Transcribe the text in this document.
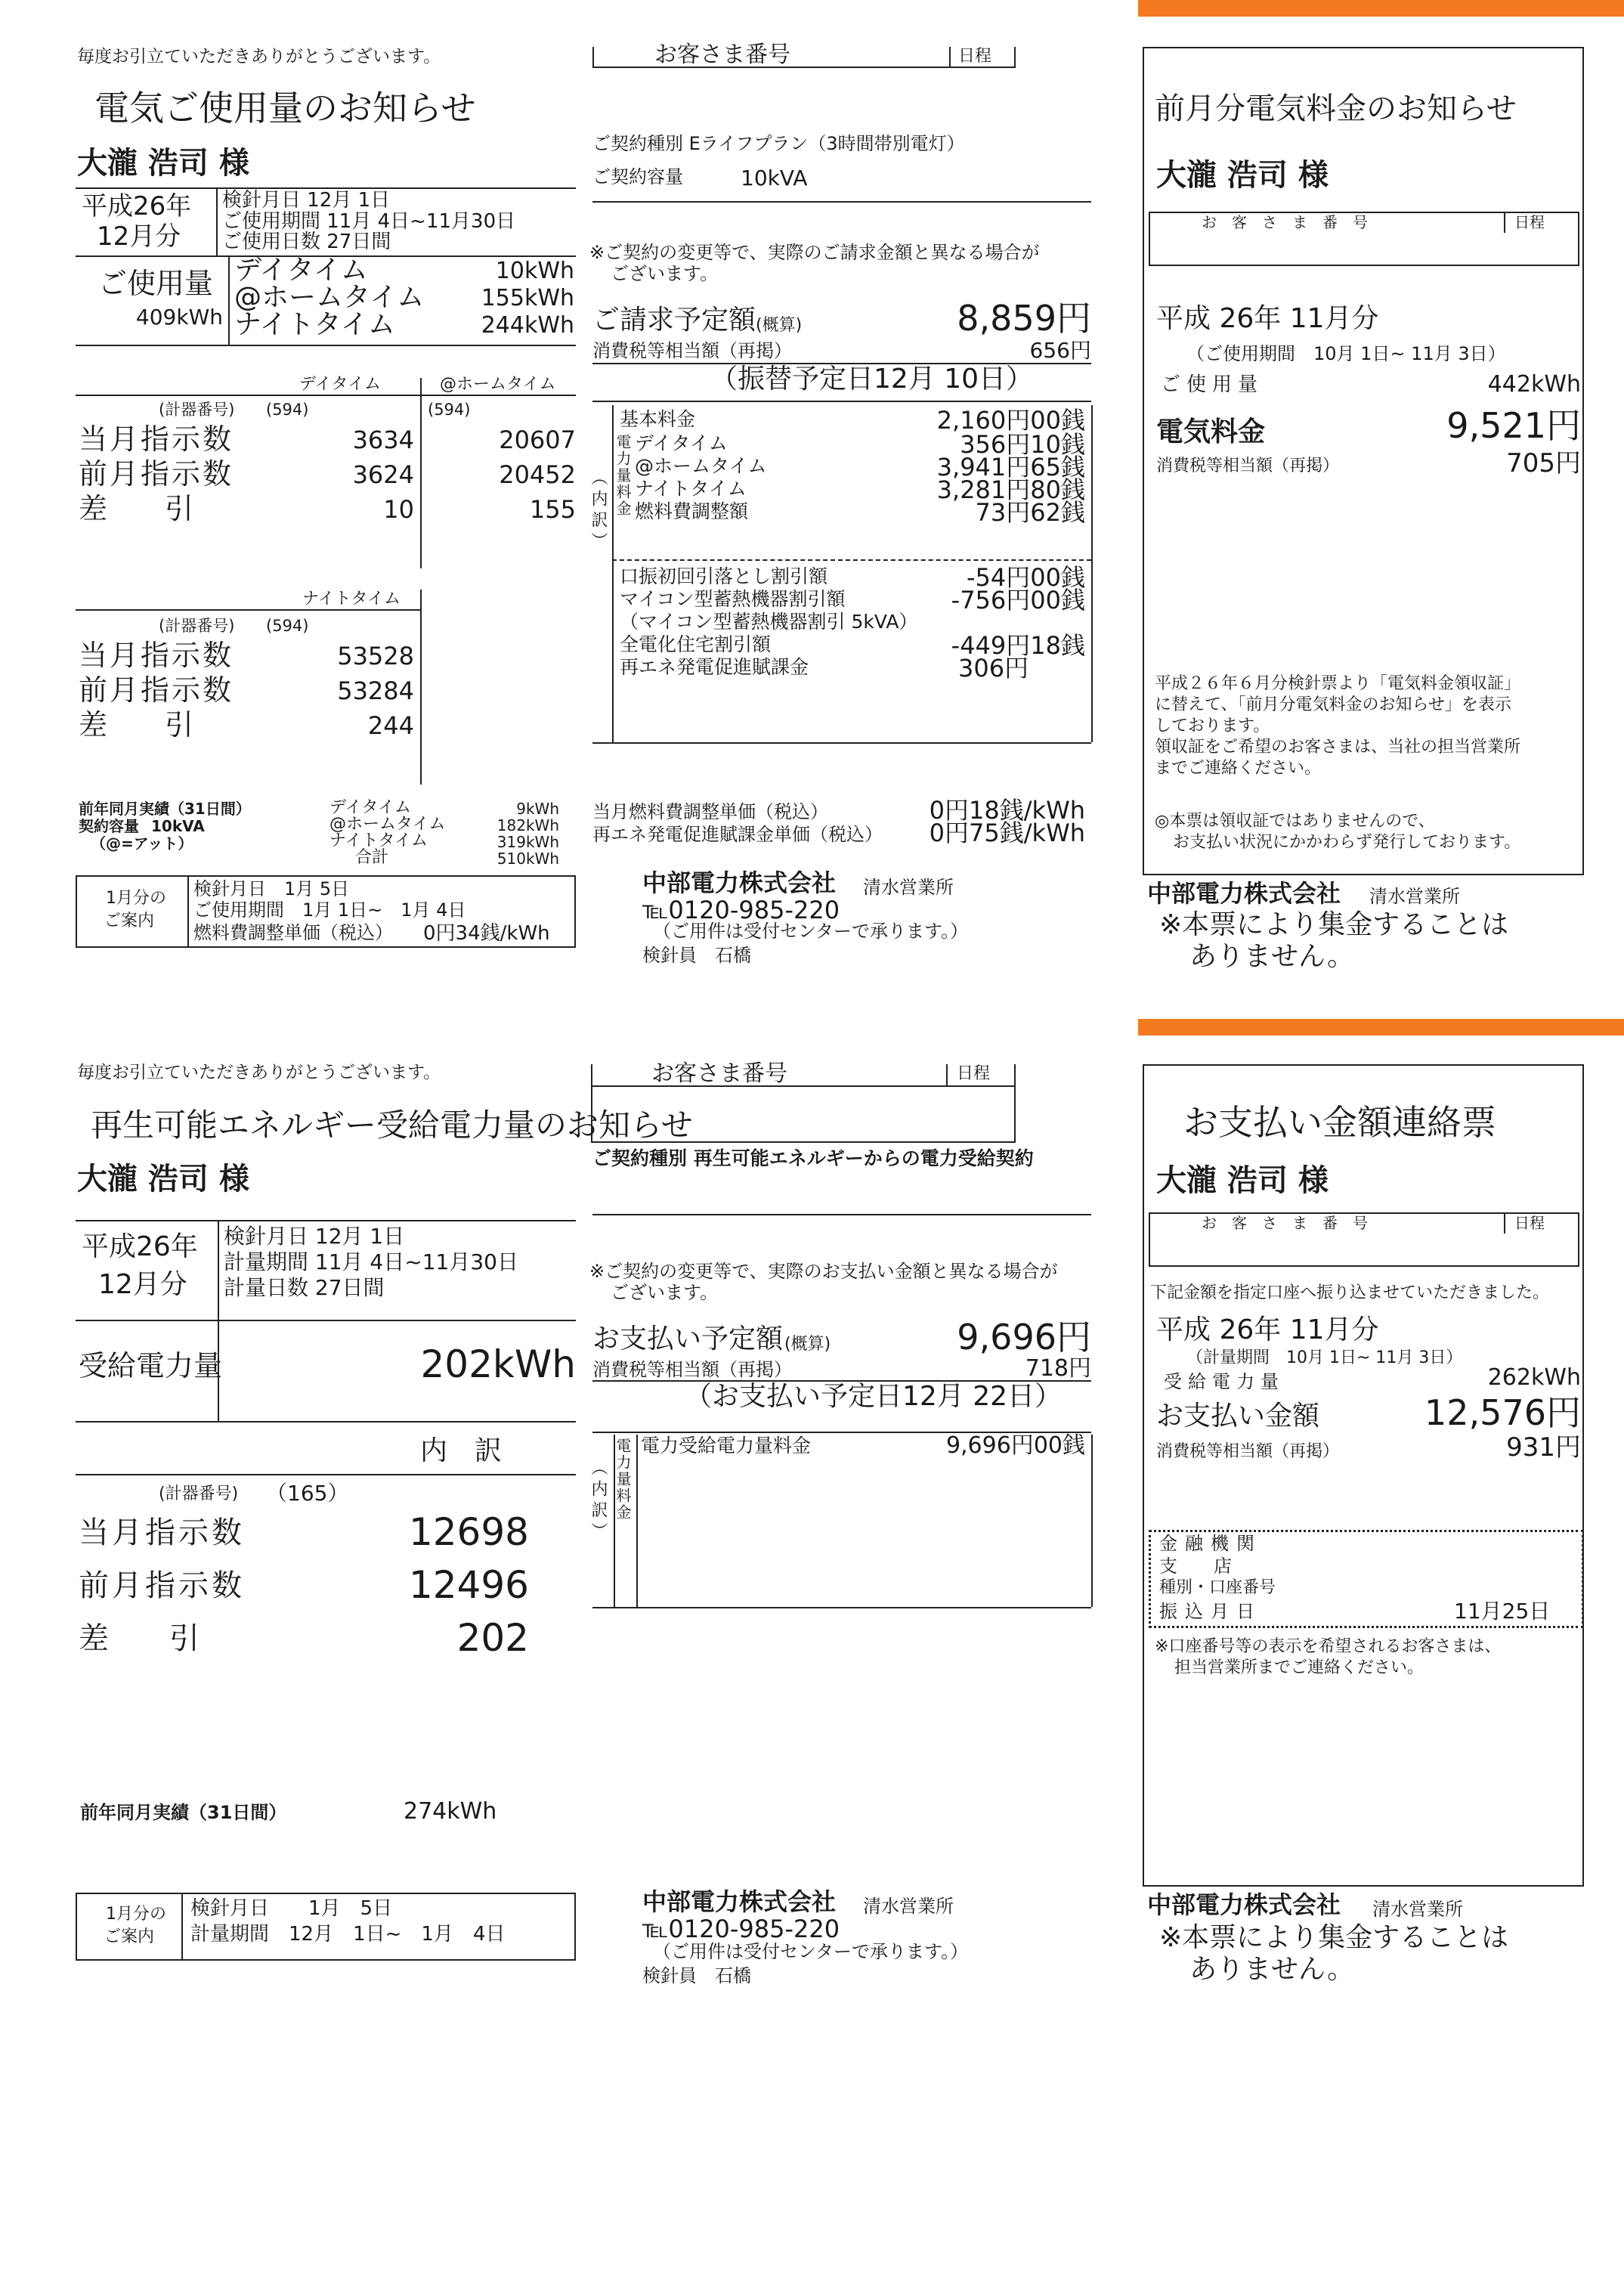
毎度お引立ていただきありがとうございます。
電気ご使用量のお知らせ
大瀧 浩司 様
平成26年
12月分
検針月日 12月 1日
ご使用期間 11月 4日~11月30日
ご使用日数 27日間
ご使用量
409kWh
デイタイム	10kWh
@ホームタイム	155kWh
ナイトタイム	244kWh
デイタイム	@ホームタイム
(計器番号) (594)	(594)
当月指示数	3634	20607
前月指示数	3624	20452
差　　引	10	155
ナイトタイム
(計器番号) (594)
当月指示数	53528
前月指示数	53284
差　　引	244
前年同月実績（31日間）
契約容量 10kVA
（@=アット）
デイタイム	9kWh
@ホームタイム	182kWh
ナイトタイム	319kWh
合計	510kWh
1月分の
ご案内
検針月日　1月 5日
ご使用期間　1月 1日~　1月 4日
燃料費調整単価（税込） 0円34銭/kWh
お客さま番号	日程
ご契約種別 Eライフプラン（3時間帯別電灯）
ご契約容量	10kVA
※ご契約の変更等で、実際のご請求金額と異なる場合が
ございます。
ご請求予定額 (概算)	8,859円
消費税等相当額（再掲）	656円
（振替予定日12月 10日）
（内訳） 電力量料金
基本料金	2,160円00銭
デイタイム	356円10銭
@ホームタイム	3,941円65銭
ナイトタイム	3,281円80銭
燃料費調整額	73円62銭
口振初回引落とし割引額	-54円00銭
マイコン型蓄熱機器割引額	-756円00銭
（マイコン型蓄熱機器割引 5kVA）
全電化住宅割引額	-449円18銭
再エネ発電促進賦課金	306円
当月燃料費調整単価（税込）	0円18銭/kWh
再エネ発電促進賦課金単価（税込）	0円75銭/kWh
中部電力株式会社 清水営業所
℡0120-985-220
（ご用件は受付センターで承ります。）
検針員　石橋
前月分電気料金のお知らせ
大瀧 浩司 様
お　客　さ　ま　番　号	日程
平成 26年 11月分
（ご使用期間　10月 1日~ 11月 3日）
ご使用量	442kWh
電気料金	9,521円
消費税等相当額（再掲）	705円
平成２６年６月分検針票より「電気料金領収証」
に替えて、「前月分電気料金のお知らせ」を表示
しております。
領収証をご希望のお客さまは、当社の担当営業所
までご連絡ください。
◎本票は領収証ではありませんので、
お支払い状況にかかわらず発行しております。
中部電力株式会社 清水営業所
※本票により集金することは
ありません。
毎度お引立ていただきありがとうございます。
再生可能エネルギー受給電力量のお知らせ
大瀧 浩司 様
平成26年
12月分
検針月日 12月 1日
計量期間 11月 4日~11月30日
計量日数 27日間
受給電力量	202kWh
内　訳
(計器番号) （165）
当月指示数	12698
前月指示数	12496
差　　引	202
前年同月実績（31日間）	274kWh
1月分の
ご案内
検針月日　　1月　5日
計量期間　12月　1日~　1月　4日
お客さま番号	日程
ご契約種別 再生可能エネルギーからの電力受給契約
※ご契約の変更等で、実際のお支払い金額と異なる場合が
ございます。
お支払い予定額 (概算)	9,696円
消費税等相当額（再掲）	718円
（お支払い予定日12月 22日）
（内訳） 電力量料金 電力受給電力量料金	9,696円00銭
中部電力株式会社 清水営業所
℡0120-985-220
（ご用件は受付センターで承ります。）
検針員　石橋
お支払い金額連絡票
大瀧 浩司 様
お　客　さ　ま　番　号	日程
下記金額を指定口座へ振り込ませていただきました。
平成 26年 11月分
（計量期間　10月 1日~ 11月 3日）
受給電力量	262kWh
お支払い金額	12,576円
消費税等相当額（再掲）	931円
金融機関
支　　店
種別・口座番号
振込月日	11月25日
※口座番号等の表示を希望されるお客さまは、
担当営業所までご連絡ください。
中部電力株式会社 清水営業所
※本票により集金することは
ありません。
